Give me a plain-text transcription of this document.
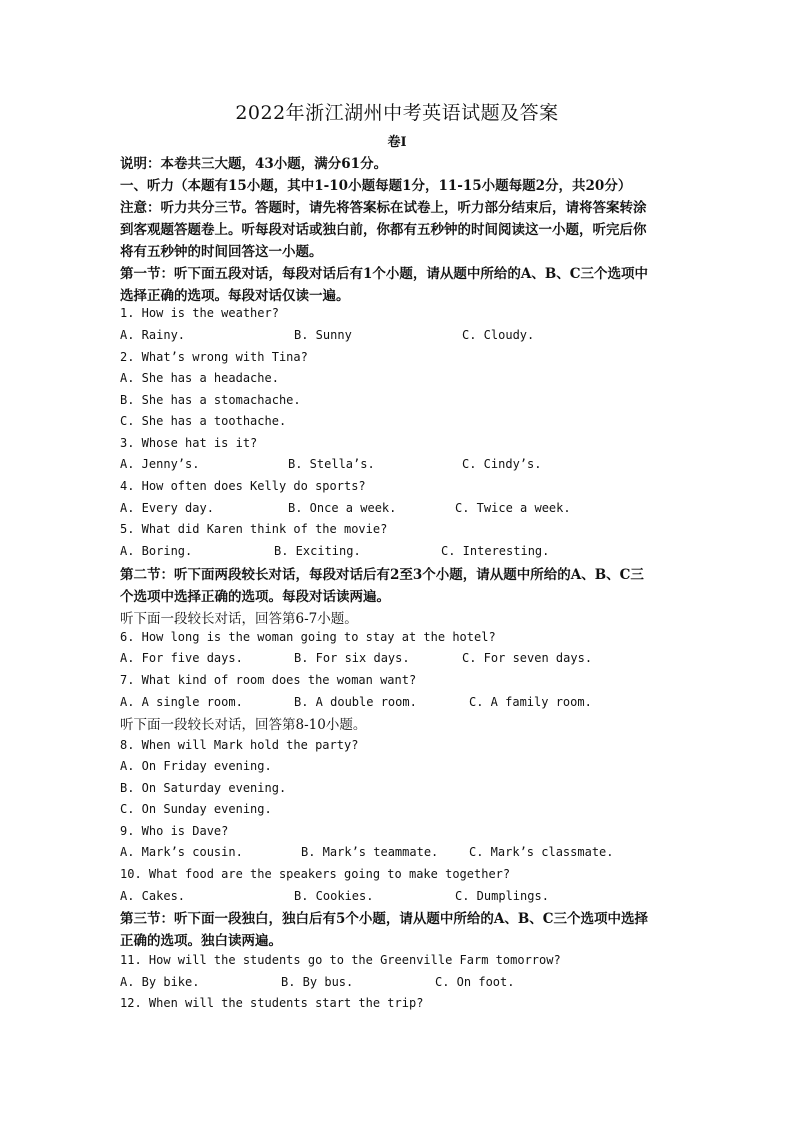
2022年浙江湖州中考英语试题及答案
卷I
说明：本卷共三大题，43小题，满分61分。
一、听力（本题有15小题，其中1-10小题每题1分，11-15小题每题2分，共20分）
注意：听力共分三节。答题时，请先将答案标在试卷上，听力部分结束后，请将答案转涂
到客观题答题卷上。听每段对话或独白前，你都有五秒钟的时间阅读这一小题，听完后你
将有五秒钟的时间回答这一小题。
第一节：听下面五段对话，每段对话后有1个小题，请从题中所给的A、B、C三个选项中
选择正确的选项。每段对话仅读一遍。
1. How is the weather?
A. Rainy.	B. Sunny	C. Cloudy.
2. What’s wrong with Tina?
A. She has a headache.
B. She has a stomachache.
C. She has a toothache.
3. Whose hat is it?
A. Jenny’s.	B. Stella’s.	C. Cindy’s.
4. How often does Kelly do sports?
A. Every day.	B. Once a week.	C. Twice a week.
5. What did Karen think of the movie?
A. Boring.	B. Exciting.	C. Interesting.
第二节：听下面两段较长对话，每段对话后有2至3个小题，请从题中所给的A、B、C三
个选项中选择正确的选项。每段对话读两遍。
听下面一段较长对话，回答第6-7小题。
6. How long is the woman going to stay at the hotel?
A. For five days.	B. For six days.	C. For seven days.
7. What kind of room does the woman want?
A. A single room.	B. A double room.	C. A family room.
听下面一段较长对话，回答第8-10小题。
8. When will Mark hold the party?
A. On Friday evening.
B. On Saturday evening.
C. On Sunday evening.
9. Who is Dave?
A. Mark’s cousin.	B. Mark’s teammate.	C. Mark’s classmate.
10. What food are the speakers going to make together?
A. Cakes.	B. Cookies.	C. Dumplings.
第三节：听下面一段独白，独白后有5个小题，请从题中所给的A、B、C三个选项中选择
正确的选项。独白读两遍。
11. How will the students go to the Greenville Farm tomorrow?
A. By bike.	B. By bus.	C. On foot.
12. When will the students start the trip?
